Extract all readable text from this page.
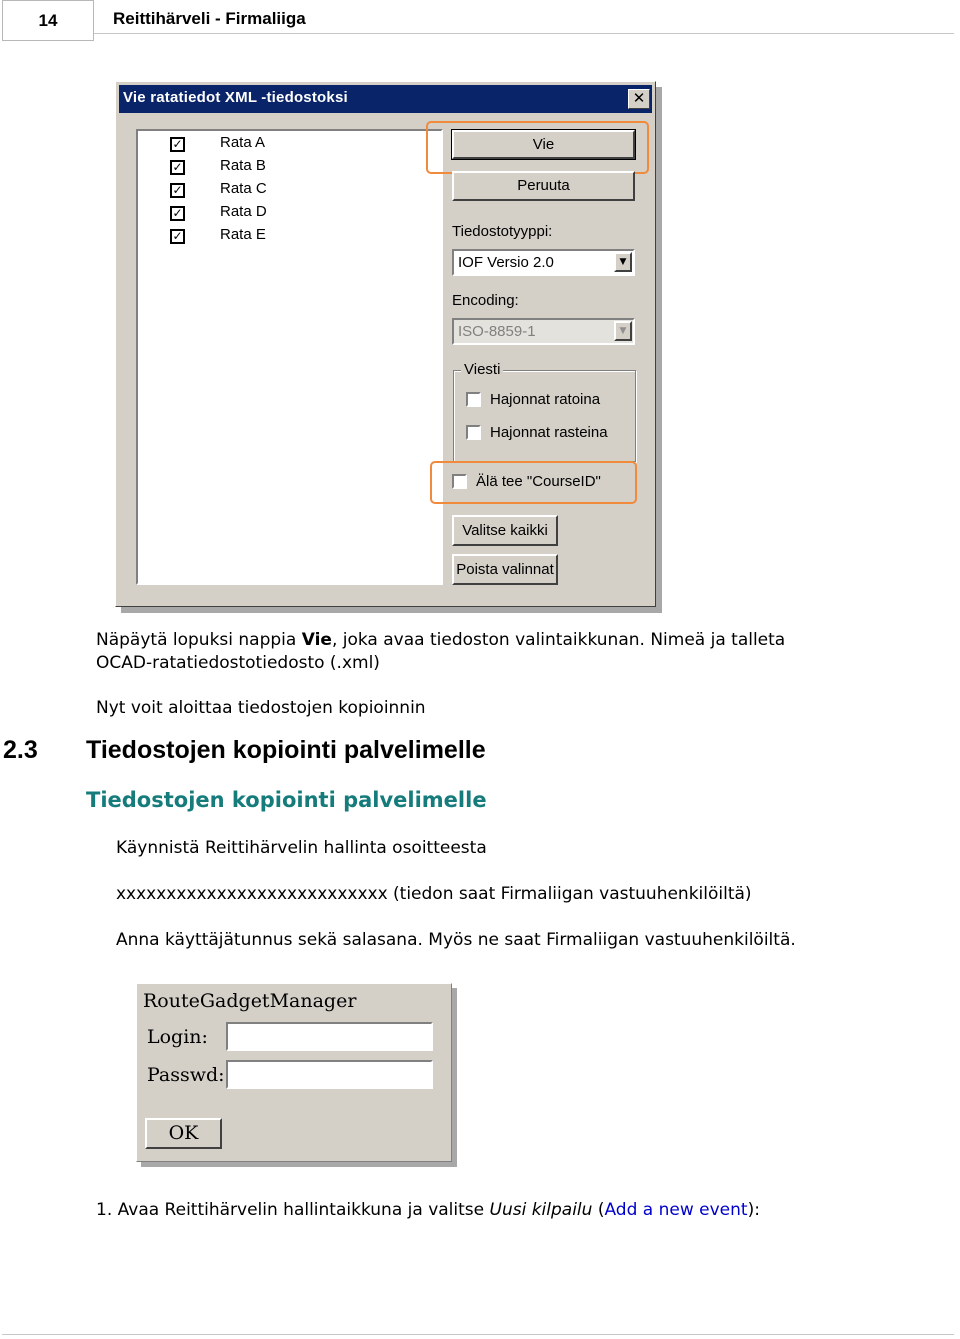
14	Reittihärveli - Firmaliiga
Vie ratatiedot XML -tiedostoksi	✕
✓ Rata A
✓ Rata B
✓ Rata C
✓ Rata D
✓ Rata E
Vie
Peruuta
Tiedostotyyppi:
IOF Versio 2.0	▼
Encoding:
ISO-8859-1	▼
Viesti
Hajonnat ratoina
Hajonnat rasteina
Älä tee "CourseID"
Valitse kaikki
Poista valinnat
Näpäytä lopuksi nappia Vie, joka avaa tiedoston valintaikkunan. Nimeä ja talleta
OCAD-ratatiedostotiedosto (.xml)
Nyt voit aloittaa tiedostojen kopioinnin
2.3 Tiedostojen kopiointi palvelimelle
Tiedostojen kopiointi palvelimelle
Käynnistä Reittihärvelin hallinta osoitteesta
xxxxxxxxxxxxxxxxxxxxxxxxxxx (tiedon saat Firmaliigan vastuuhenkilöiltä)
Anna käyttäjätunnus sekä salasana. Myös ne saat Firmaliigan vastuuhenkilöiltä.
RouteGadgetManager
Login:
Passwd:
OK
1. Avaa Reittihärvelin hallintaikkuna ja valitse Uusi kilpailu (Add a new event):
